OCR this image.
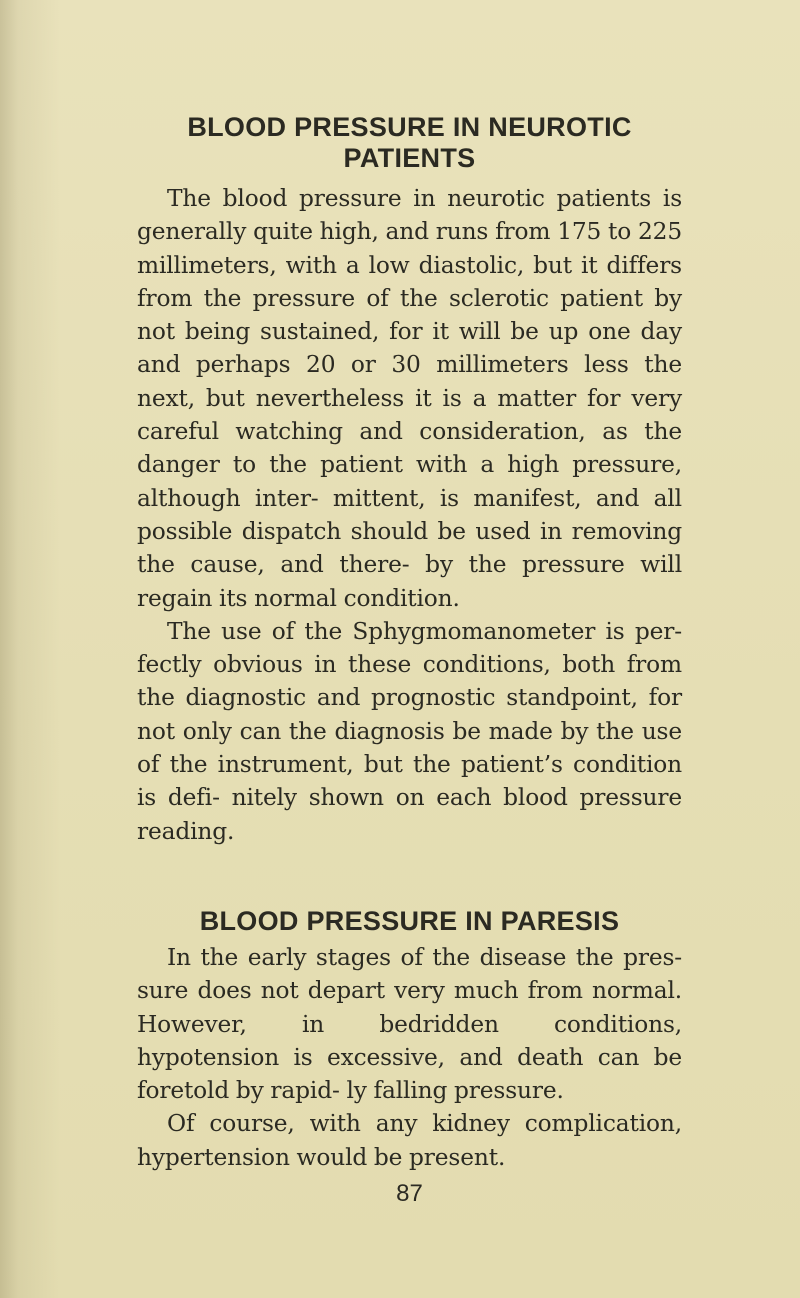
BLOOD PRESSURE IN NEUROTIC
PATIENTS

The blood pressure in neurotic patients is generally quite high, and runs from 175 to 225 millimeters, with a low diastolic, but it differs from the pressure of the sclerotic patient by not being sustained, for it will be up one day and perhaps 20 or 30 millimeters less the next, but nevertheless it is a matter for very careful watching and consideration, as the danger to the patient with a high pressure, although inter- mittent, is manifest, and all possible dispatch should be used in removing the cause, and there- by the pressure will regain its normal condition.

The use of the Sphygmomanometer is per- fectly obvious in these conditions, both from the diagnostic and prognostic standpoint, for not only can the diagnosis be made by the use of the instrument, but the patient’s condition is defi- nitely shown on each blood pressure reading.

BLOOD PRESSURE IN PARESIS

In the early stages of the disease the pres- sure does not depart very much from normal. However, in bedridden conditions, hypotension is excessive, and death can be foretold by rapid- ly falling pressure.

Of course, with any kidney complication, hypertension would be present.

87
